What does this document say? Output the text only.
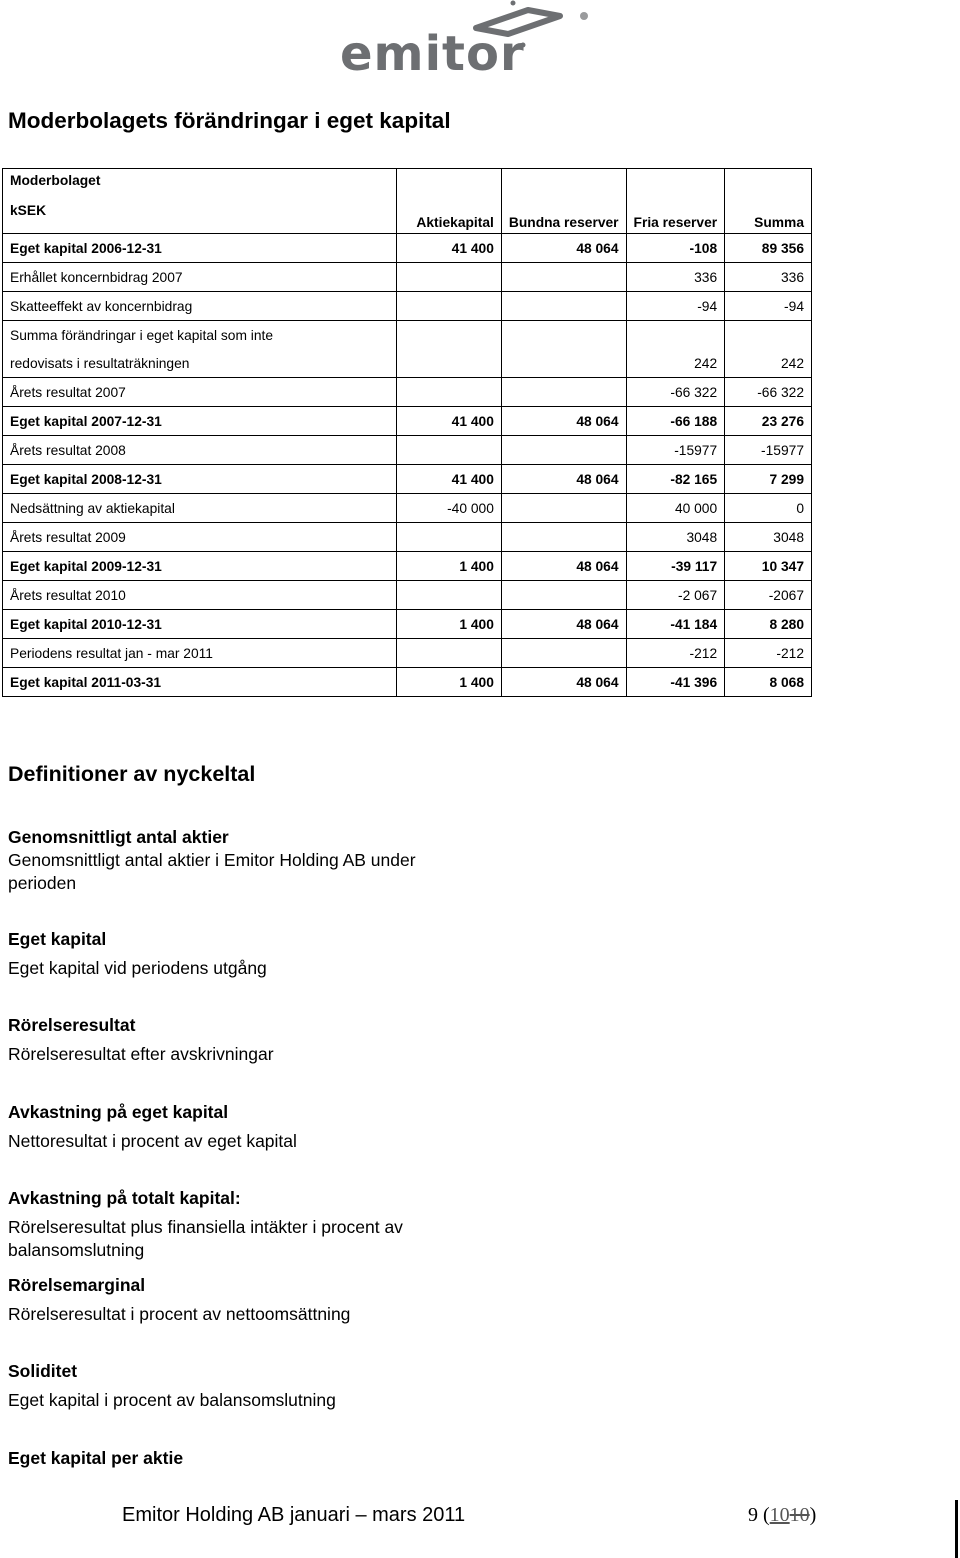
emitor
Moderbolagets förändringar i eget kapital
Moderbolaget
kSEK	Aktiekapital	Bundna reserver	Fria reserver	Summa
Eget kapital 2006-12-31	41 400	48 064	-108	89 356
Erhållet koncernbidrag 2007			336	336
Skatteeffekt av koncernbidrag			-94	-94
Summa förändringar i eget kapital som inte				
redovisats i resultaträkningen			242	242
Årets resultat 2007			-66 322	-66 322
Eget kapital 2007-12-31	41 400	48 064	-66 188	23 276
Årets resultat 2008			-15977	-15977
Eget kapital 2008-12-31	41 400	48 064	-82 165	7 299
Nedsättning av aktiekapital	-40 000		40 000	0
Årets resultat 2009			3048	3048
Eget kapital 2009-12-31	1 400	48 064	-39 117	10 347
Årets resultat 2010			-2 067	-2067
Eget kapital 2010-12-31	1 400	48 064	-41 184	8 280
Periodens resultat jan - mar 2011			-212	-212
Eget kapital 2011-03-31	1 400	48 064	-41 396	8 068
Definitioner av nyckeltal
Genomsnittligt antal aktier
Genomsnittligt antal aktier i Emitor Holding AB under perioden
Eget kapital
Eget kapital vid periodens utgång
Rörelseresultat
Rörelseresultat efter avskrivningar
Avkastning på eget kapital
Nettoresultat i procent av eget kapital
Avkastning på totalt kapital:
Rörelseresultat plus finansiella intäkter i procent av balansomslutning
Rörelsemarginal
Rörelseresultat i procent av nettoomsättning
Soliditet
Eget kapital i procent av balansomslutning
Eget kapital per aktie
Emitor Holding AB januari – mars 2011	9 (1010)
